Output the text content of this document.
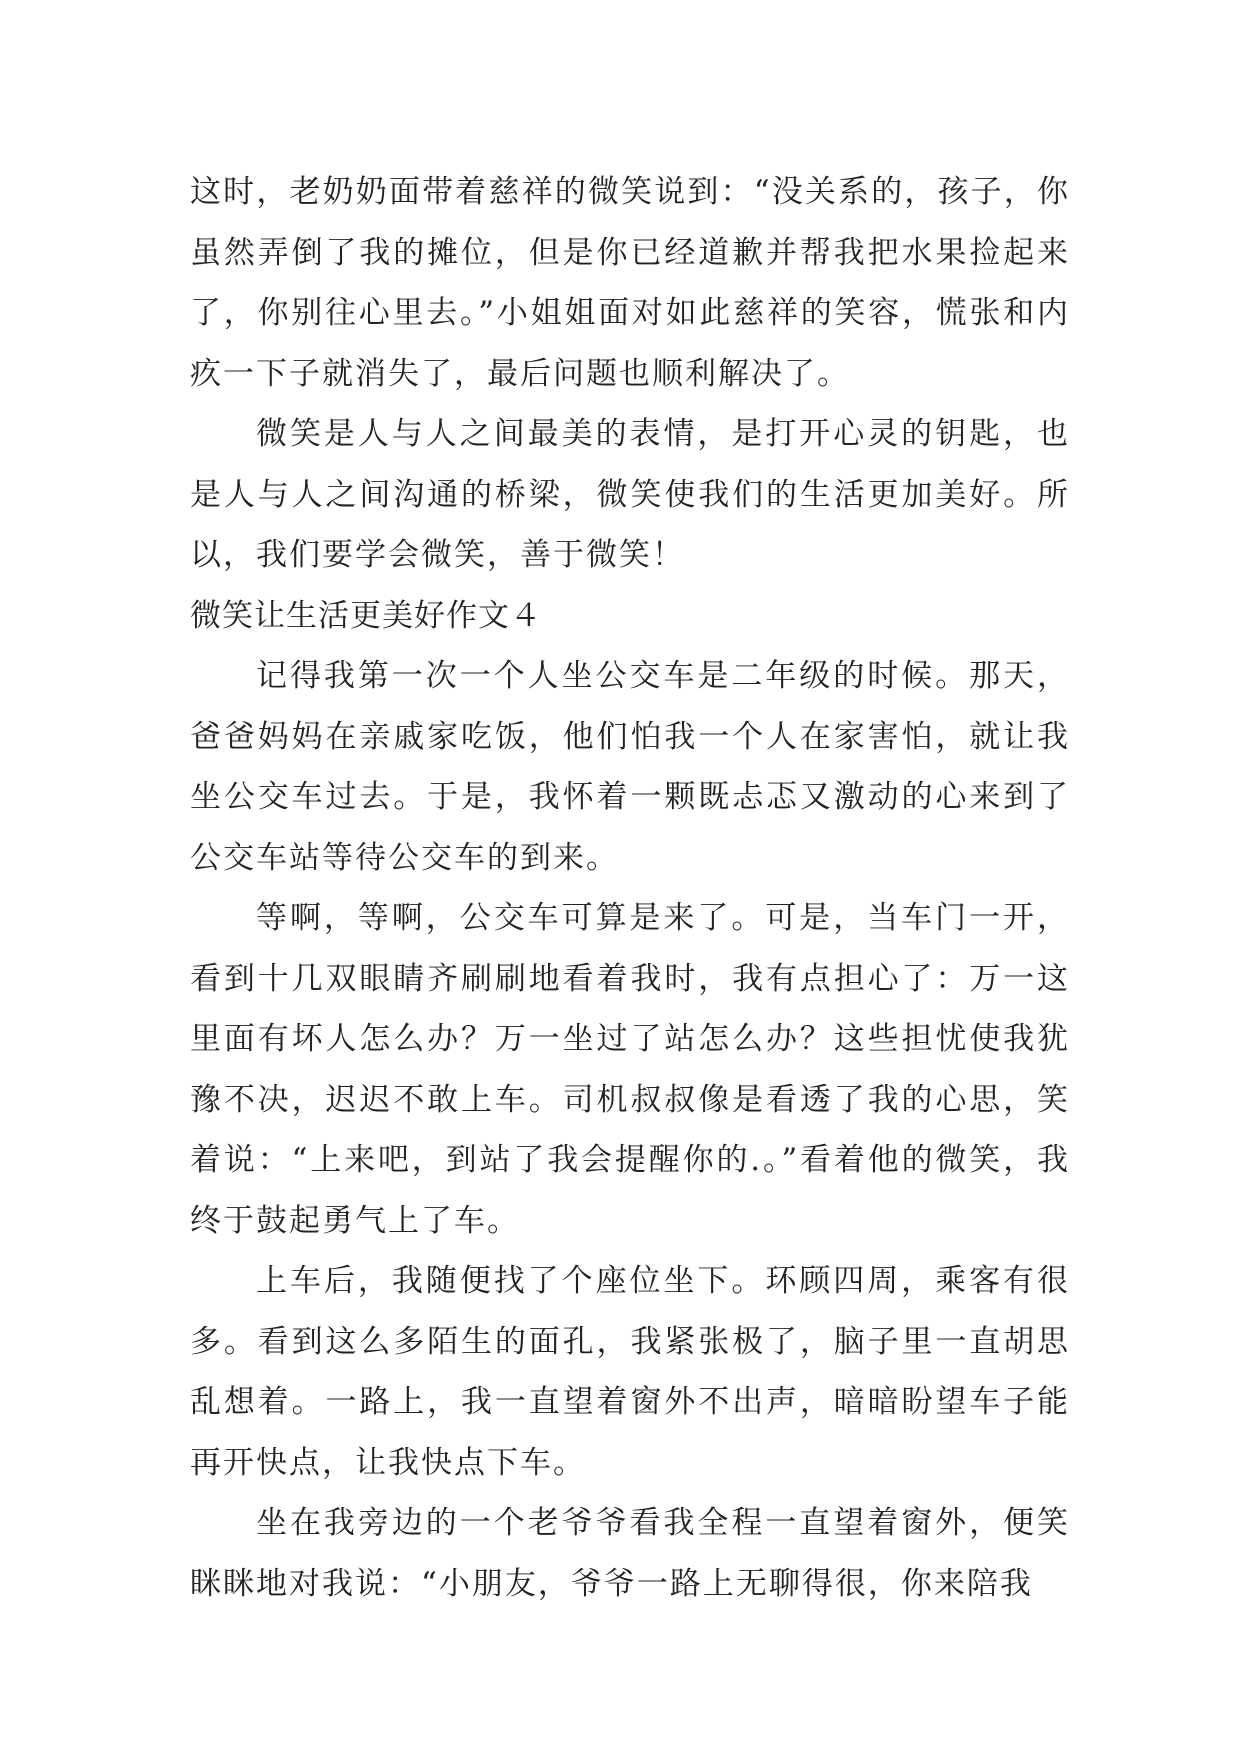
这时，老奶奶面带着慈祥的微笑说到：“没关系的，孩子，你虽然弄倒了我的摊位，但是你已经道歉并帮我把水果捡起来了，你别往心里去。”小姐姐面对如此慈祥的笑容，慌张和内疚一下子就消失了，最后问题也顺利解决了。

微笑是人与人之间最美的表情，是打开心灵的钥匙，也是人与人之间沟通的桥梁，微笑使我们的生活更加美好。所以，我们要学会微笑，善于微笑！

微笑让生活更美好作文４

记得我第一次一个人坐公交车是二年级的时候。那天，爸爸妈妈在亲戚家吃饭，他们怕我一个人在家害怕，就让我坐公交车过去。于是，我怀着一颗既忐忑又激动的心来到了公交车站等待公交车的到来。

等啊，等啊，公交车可算是来了。可是，当车门一开，看到十几双眼睛齐刷刷地看着我时，我有点担心了：万一这里面有坏人怎么办？万一坐过了站怎么办？这些担忧使我犹豫不决，迟迟不敢上车。司机叔叔像是看透了我的心思，笑着说：“上来吧，到站了我会提醒你的.。”看着他的微笑，我终于鼓起勇气上了车。

上车后，我随便找了个座位坐下。环顾四周，乘客有很多。看到这么多陌生的面孔，我紧张极了，脑子里一直胡思乱想着。一路上，我一直望着窗外不出声，暗暗盼望车子能再开快点，让我快点下车。

坐在我旁边的一个老爷爷看我全程一直望着窗外，便笑眯眯地对我说：“小朋友，爷爷一路上无聊得很，你来陪我
